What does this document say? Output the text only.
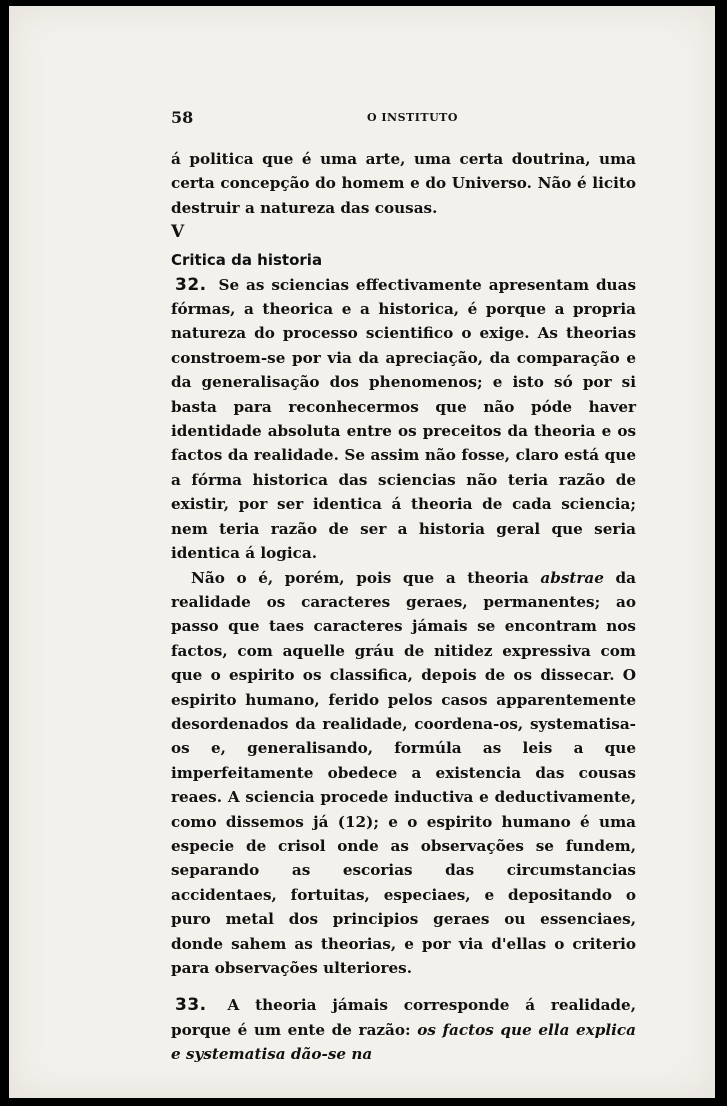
58	O INSTITUTO

á politica que é uma arte, uma certa doutrina, uma certa concepção do homem e do Universo. Não é licito destruir a natureza das cousas.

V

Critica da historia

32. Se as sciencias effectivamente apresentam duas fórmas, a theorica e a historica, é porque a propria natureza do processo scientifico o exige. As theorias constroem-se por via da apreciação, da comparação e da generalisação dos phenomenos; e isto só por si basta para reconhecermos que não póde haver identidade absoluta entre os preceitos da theoria e os factos da realidade. Se assim não fosse, claro está que a fórma historica das sciencias não teria razão de existir, por ser identica á theoria de cada sciencia; nem teria razão de ser a historia geral que seria identica á logica.

Não o é, porém, pois que a theoria abstrae da realidade os caracteres geraes, permanentes; ao passo que taes caracteres jámais se encontram nos factos, com aquelle gráu de nitidez expressiva com que o espirito os classifica, depois de os dissecar. O espirito humano, ferido pelos casos apparentemente desordenados da realidade, coordena-os, systematisa-os e, generalisando, formúla as leis a que imperfeitamente obedece a existencia das cousas reaes. A sciencia procede inductiva e deductivamente, como dissemos já (12); e o espirito humano é uma especie de crisol onde as observações se fundem, separando as escorias das circumstancias accidentaes, fortuitas, especiaes, e depositando o puro metal dos principios geraes ou essenciaes, donde sahem as theorias, e por via d'ellas o criterio para observações ulteriores.

33. A theoria jámais corresponde á realidade, porque é um ente de razão: os factos que ella explica e systematisa dão-se na
